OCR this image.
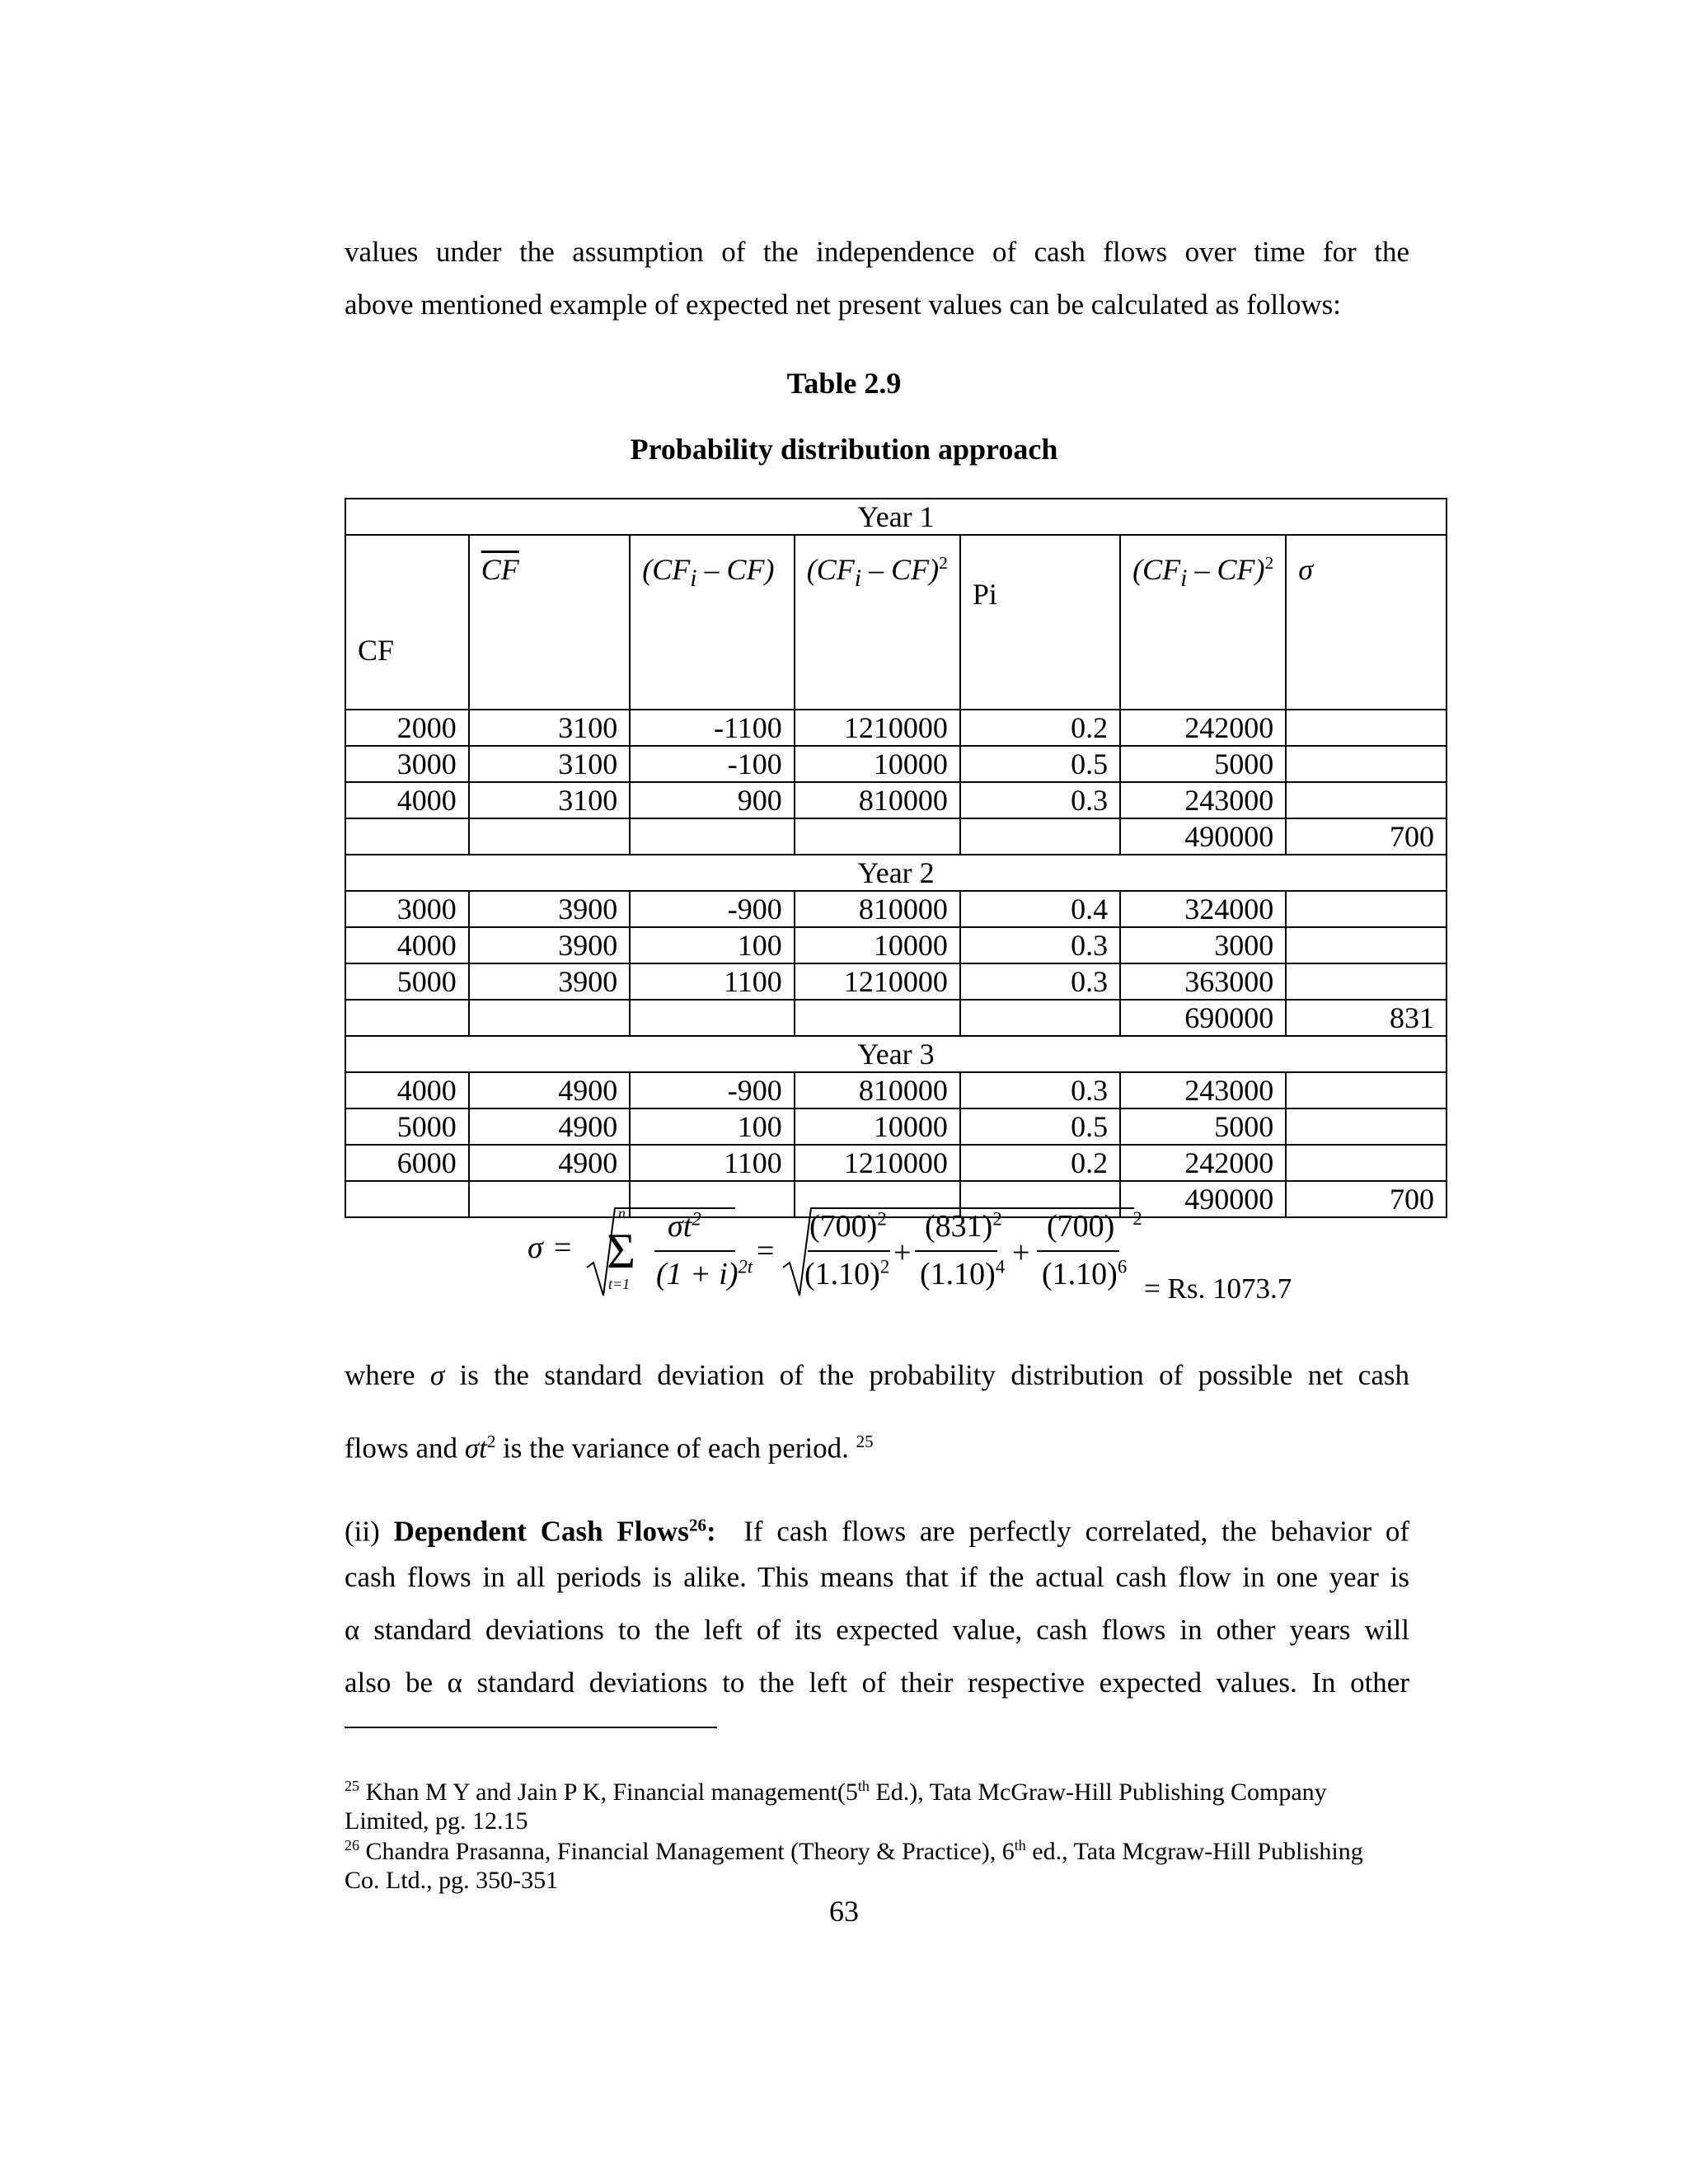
values under the assumption of the independence of cash flows over time for the
above mentioned example of expected net present values can be calculated as follows:
Table 2.9
Probability distribution approach
Year 1						
CF	$\overline{CF}$	$(CF_i - CF)$	$(CF_i - CF)^2$	Pi	$(CF_i - CF)^2$	σ
2000	3100	-1100	1210000	0.2	242000	
3000	3100	-100	10000	0.5	5000	
4000	3100	900	810000	0.3	243000	
					490000	700
Year 2						
3000	3900	-900	810000	0.4	324000	
4000	3900	100	10000	0.3	3000	
5000	3900	1100	1210000	0.3	363000	
					690000	831
Year 3						
4000	4900	-900	810000	0.3	243000	
5000	4900	100	10000	0.5	5000	
6000	4900	1100	1210000	0.2	242000	
					490000	700
σ =
n
Σ
t=1
$\sigma t^2$
$(1 + i)^{2t}$ =
$(700)^2$
$(1.10)^2$ +
$(831)^2$
$(1.10)^4$ +
(700) $^2$
$(1.10)^6$
= Rs. 1073.7
where σ is the standard deviation of the probability distribution of possible net cash
flows and $\sigma t^2$ is the variance of each period. $^{25}$
(ii) Dependent Cash Flows$^{26}$: If cash flows are perfectly correlated, the behavior of
cash flows in all periods is alike. This means that if the actual cash flow in one year is
α standard deviations to the left of its expected value, cash flows in other years will
also be α standard deviations to the left of their respective expected values. In other
$^{25}$ Khan M Y and Jain P K, Financial management(5th Ed.), Tata McGraw-Hill Publishing Company
Limited, pg. 12.15
$^{26}$ Chandra Prasanna, Financial Management (Theory & Practice), 6th ed., Tata Mcgraw-Hill Publishing
Co. Ltd., pg. 350-351
63
